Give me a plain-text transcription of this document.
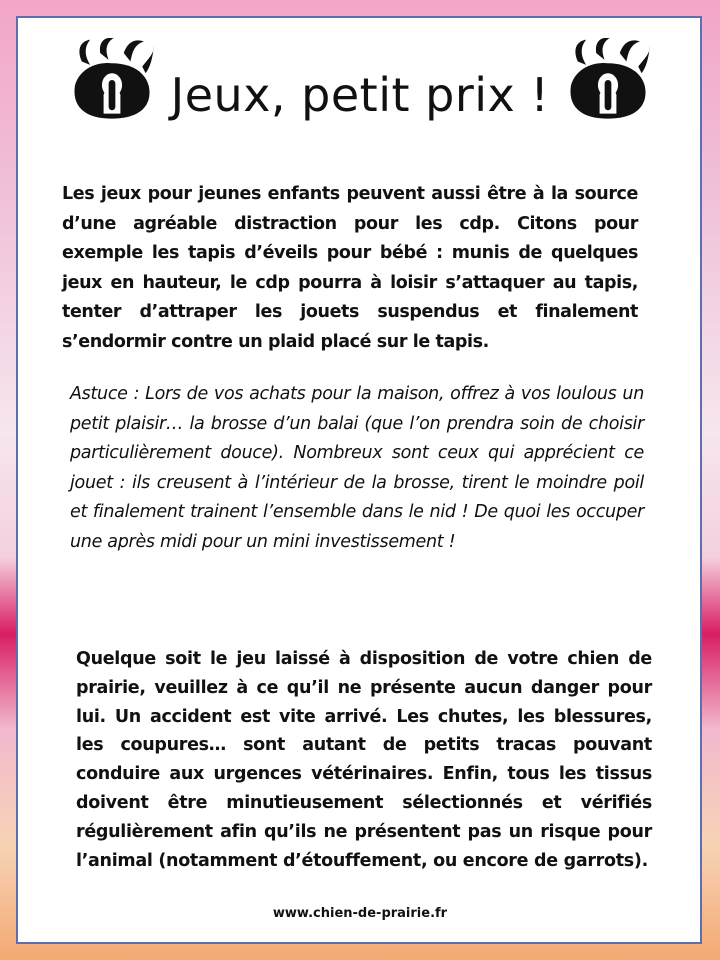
Jeux, petit prix !

Les jeux pour jeunes enfants peuvent aussi être à la source d’une agréable distraction pour les cdp. Citons pour exemple les tapis d’éveils pour bébé : munis de quelques jeux en hauteur, le cdp pourra à loisir s’attaquer au tapis, tenter d’attraper les jouets suspendus et finalement s’endormir contre un plaid placé sur le tapis.

Astuce : Lors de vos achats pour la maison, offrez à vos loulous un petit plaisir… la brosse d’un balai (que l’on prendra soin de choisir particulièrement douce). Nombreux sont ceux qui apprécient ce jouet : ils creusent à l’intérieur de la brosse, tirent le moindre poil et finalement trainent l’ensemble dans le nid ! De quoi les occuper une après midi pour un mini investissement !

Quelque soit le jeu laissé à disposition de votre chien de prairie, veuillez à ce qu’il ne présente aucun danger pour lui. Un accident est vite arrivé. Les chutes, les blessures, les coupures… sont autant de petits tracas pouvant conduire aux urgences vétérinaires. Enfin, tous les tissus doivent être minutieusement sélectionnés et vérifiés régulièrement afin qu’ils ne présentent pas un risque pour l’animal (notamment d’étouffement, ou encore de garrots).

www.chien-de-prairie.fr
